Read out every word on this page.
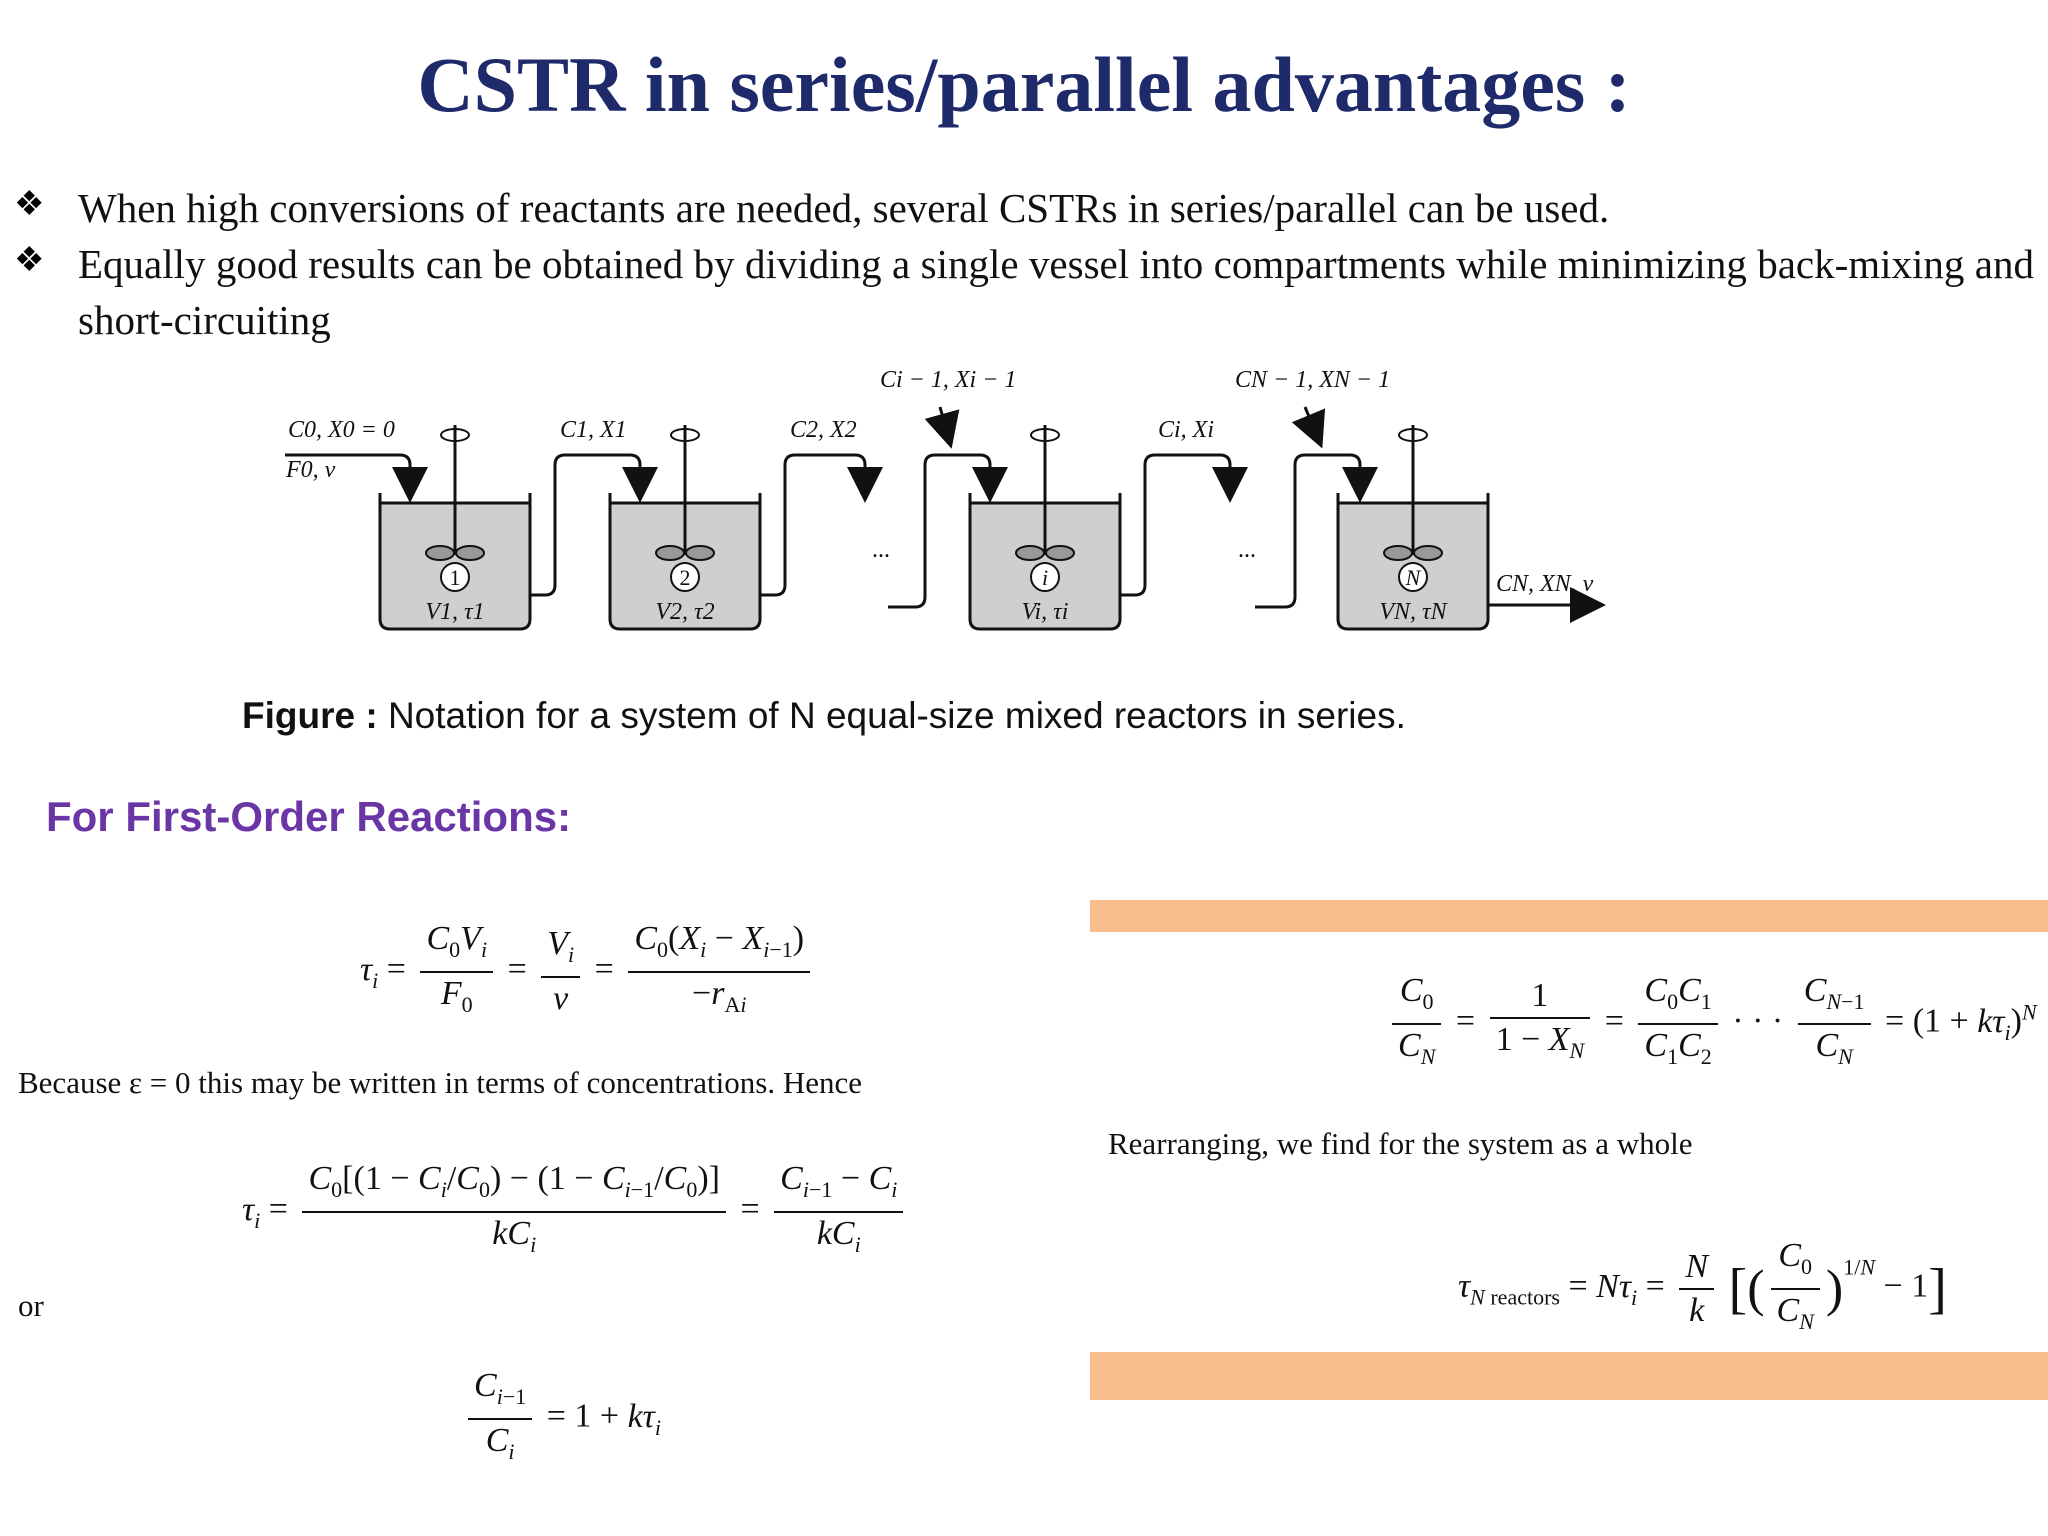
CSTR in series/parallel advantages :
❖ When high conversions of reactants are needed, several CSTRs in series/parallel can be used.
❖ Equally good results can be obtained by dividing a single vessel into compartments while minimizing back-mixing and short-circuiting
1	2	i	N
V1, τ1	V2, τ2	Vi, τi	VN, τN
C0, X0 = 0
F0, v
C1, X1	C2, X2
Ci − 1, Xi − 1
Ci, Xi
CN − 1, XN − 1
CN, XN, v
...	...
Figure : Notation for a system of N equal-size mixed reactors in series.
For First-Order Reactions:
$\tau_i = \frac{C_0V_i}{F_0} = \frac{V_i}{v} = \frac{C_0(X_i - X_{i-1})}{-r_{Ai}}$
Because ε = 0 this may be written in terms of concentrations. Hence
$\tau_i = \frac{C_0[(1 - C_i/C_0) - (1 - C_{i-1}/C_0)]}{kC_i} = \frac{C_{i-1} - C_i}{kC_i}$
or
$\frac{C_{i-1}}{C_i} = 1 + k\tau_i$
$\frac{C_0}{C_N} = \frac{1}{1 - X_N} = \frac{C_0C_1}{C_1C_2}$ · · · $\frac{C_{N-1}}{C_N} = (1 + k\tau_i)^N$
Rearranging, we find for the system as a whole
$\tau_{N reactors} = N\tau_i = \frac{N}{k}$ [( $\frac{C_0}{C_N} )^{1/N} - 1$]
